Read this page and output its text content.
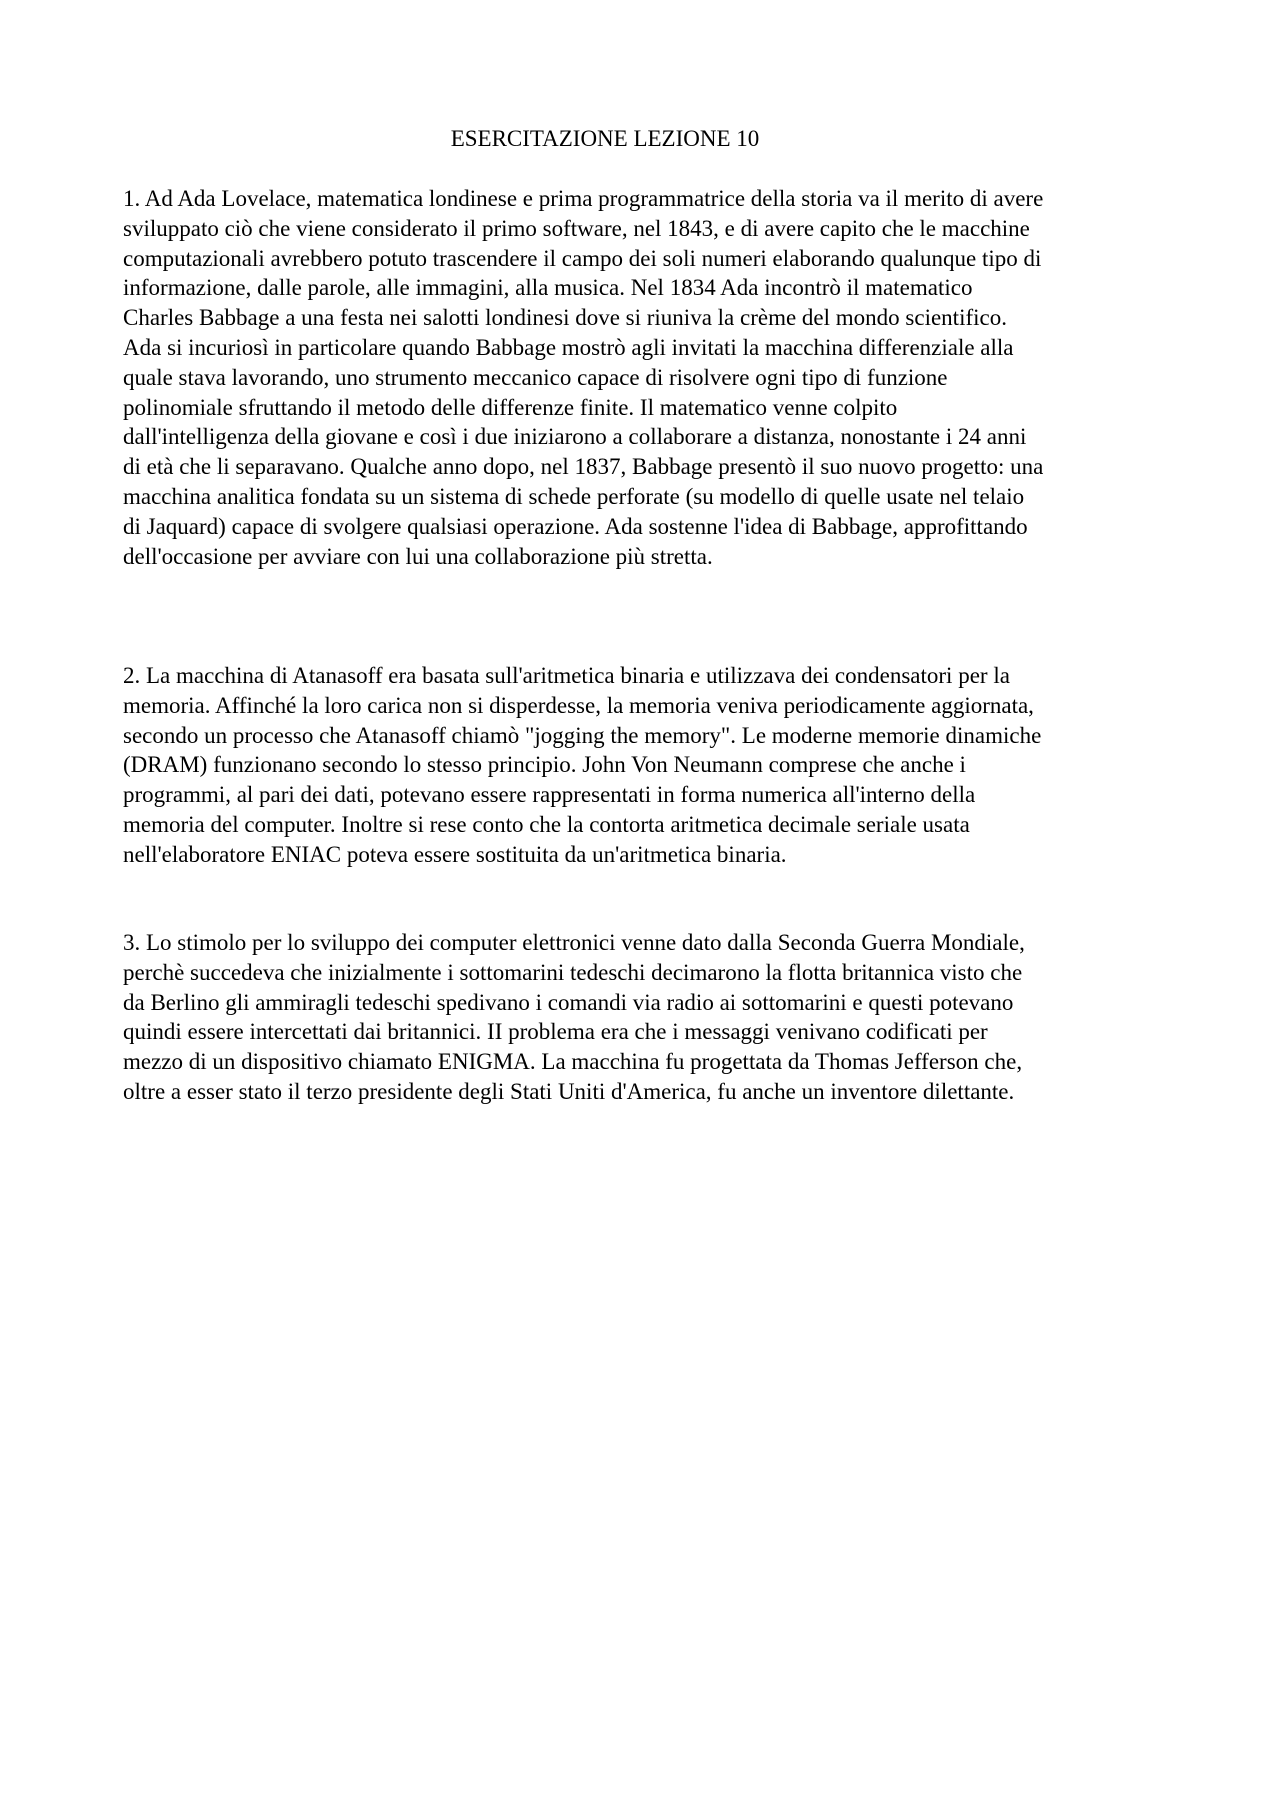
ESERCITAZIONE LEZIONE 10

1. Ad Ada Lovelace, matematica londinese e prima programmatrice della storia va il merito di avere
sviluppato ciò che viene considerato il primo software, nel 1843, e di avere capito che le macchine
computazionali avrebbero potuto trascendere il campo dei soli numeri elaborando qualunque tipo di
informazione, dalle parole, alle immagini, alla musica. Nel 1834 Ada incontrò il matematico
Charles Babbage a una festa nei salotti londinesi dove si riuniva la crème del mondo scientifico.
Ada si incuriosì in particolare quando Babbage mostrò agli invitati la macchina differenziale alla
quale stava lavorando, uno strumento meccanico capace di risolvere ogni tipo di funzione
polinomiale sfruttando il metodo delle differenze finite. Il matematico venne colpito
dall'intelligenza della giovane e così i due iniziarono a collaborare a distanza, nonostante i 24 anni
di età che li separavano. Qualche anno dopo, nel 1837, Babbage presentò il suo nuovo progetto: una
macchina analitica fondata su un sistema di schede perforate (su modello di quelle usate nel telaio
di Jaquard) capace di svolgere qualsiasi operazione. Ada sostenne l'idea di Babbage, approfittando
dell'occasione per avviare con lui una collaborazione più stretta.

2. La macchina di Atanasoff era basata sull'aritmetica binaria e utilizzava dei condensatori per la
memoria. Affinché la loro carica non si disperdesse, la memoria veniva periodicamente aggiornata,
secondo un processo che Atanasoff chiamò "jogging the memory". Le moderne memorie dinamiche
(DRAM) funzionano secondo lo stesso principio. John Von Neumann comprese che anche i
programmi, al pari dei dati, potevano essere rappresentati in forma numerica all'interno della
memoria del computer. Inoltre si rese conto che la contorta aritmetica decimale seriale usata
nell'elaboratore ENIAC poteva essere sostituita da un'aritmetica binaria.

3. Lo stimolo per lo sviluppo dei computer elettronici venne dato dalla Seconda Guerra Mondiale,
perchè succedeva che inizialmente i sottomarini tedeschi decimarono la flotta britannica visto che
da Berlino gli ammiragli tedeschi spedivano i comandi via radio ai sottomarini e questi potevano
quindi essere intercettati dai britannici. II problema era che i messaggi venivano codificati per
mezzo di un dispositivo chiamato ENIGMA. La macchina fu progettata da Thomas Jefferson che,
oltre a esser stato il terzo presidente degli Stati Uniti d'America, fu anche un inventore dilettante.
